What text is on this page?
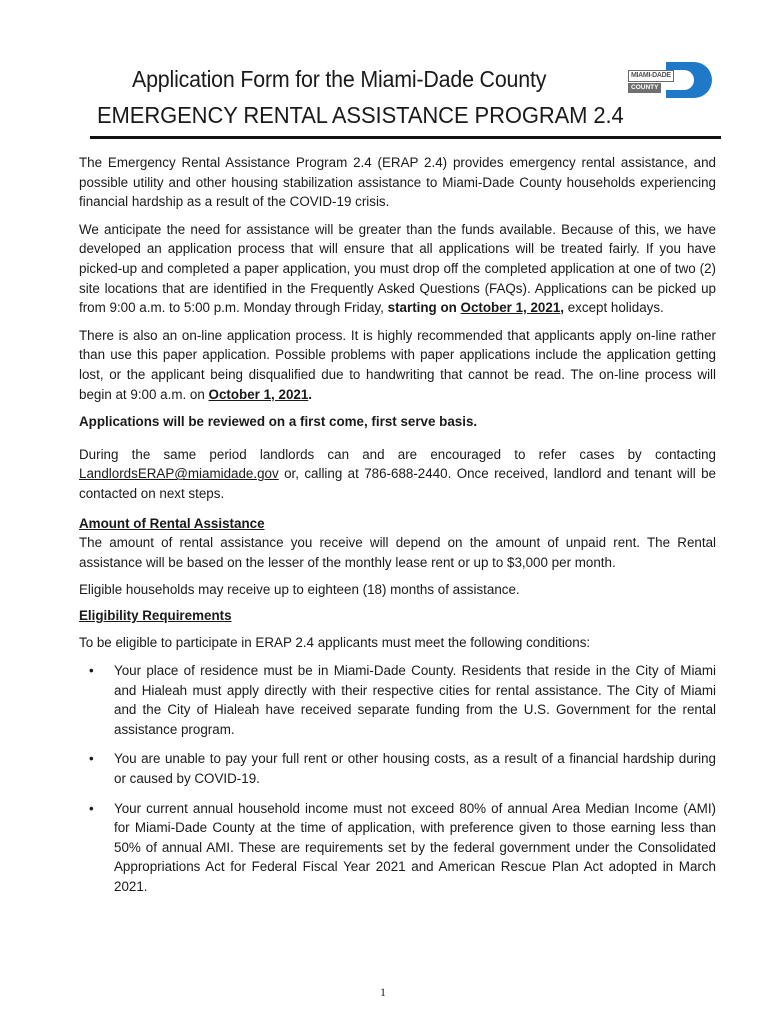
Application Form for the Miami-Dade County	MIAMI-DADE
COUNTY
EMERGENCY RENTAL ASSISTANCE PROGRAM 2.4

The Emergency Rental Assistance Program 2.4 (ERAP 2.4) provides emergency rental assistance, and possible utility and other housing stabilization assistance to Miami-Dade County households experiencing financial hardship as a result of the COVID-19 crisis.

We anticipate the need for assistance will be greater than the funds available. Because of this, we have developed an application process that will ensure that all applications will be treated fairly. If you have picked-up and completed a paper application, you must drop off the completed application at one of two (2) site locations that are identified in the Frequently Asked Questions (FAQs). Applications can be picked up from 9:00 a.m. to 5:00 p.m. Monday through Friday, starting on October 1, 2021, except holidays.

There is also an on-line application process. It is highly recommended that applicants apply on-line rather than use this paper application. Possible problems with paper applications include the application getting lost, or the applicant being disqualified due to handwriting that cannot be read. The on-line process will begin at 9:00 a.m. on October 1, 2021.

Applications will be reviewed on a first come, first serve basis.

During the same period landlords can and are encouraged to refer cases by contacting LandlordsERAP@miamidade.gov or, calling at 786-688-2440. Once received, landlord and tenant will be contacted on next steps.

Amount of Rental Assistance

The amount of rental assistance you receive will depend on the amount of unpaid rent. The Rental assistance will be based on the lesser of the monthly lease rent or up to $3,000 per month.

Eligible households may receive up to eighteen (18) months of assistance.

Eligibility Requirements

To be eligible to participate in ERAP 2.4 applicants must meet the following conditions:

• Your place of residence must be in Miami-Dade County. Residents that reside in the City of Miami and Hialeah must apply directly with their respective cities for rental assistance. The City of Miami and the City of Hialeah have received separate funding from the U.S. Government for the rental assistance program.
• You are unable to pay your full rent or other housing costs, as a result of a financial hardship during or caused by COVID-19.
• Your current annual household income must not exceed 80% of annual Area Median Income (AMI) for Miami-Dade County at the time of application, with preference given to those earning less than 50% of annual AMI. These are requirements set by the federal government under the Consolidated Appropriations Act for Federal Fiscal Year 2021 and American Rescue Plan Act adopted in March 2021.
1
